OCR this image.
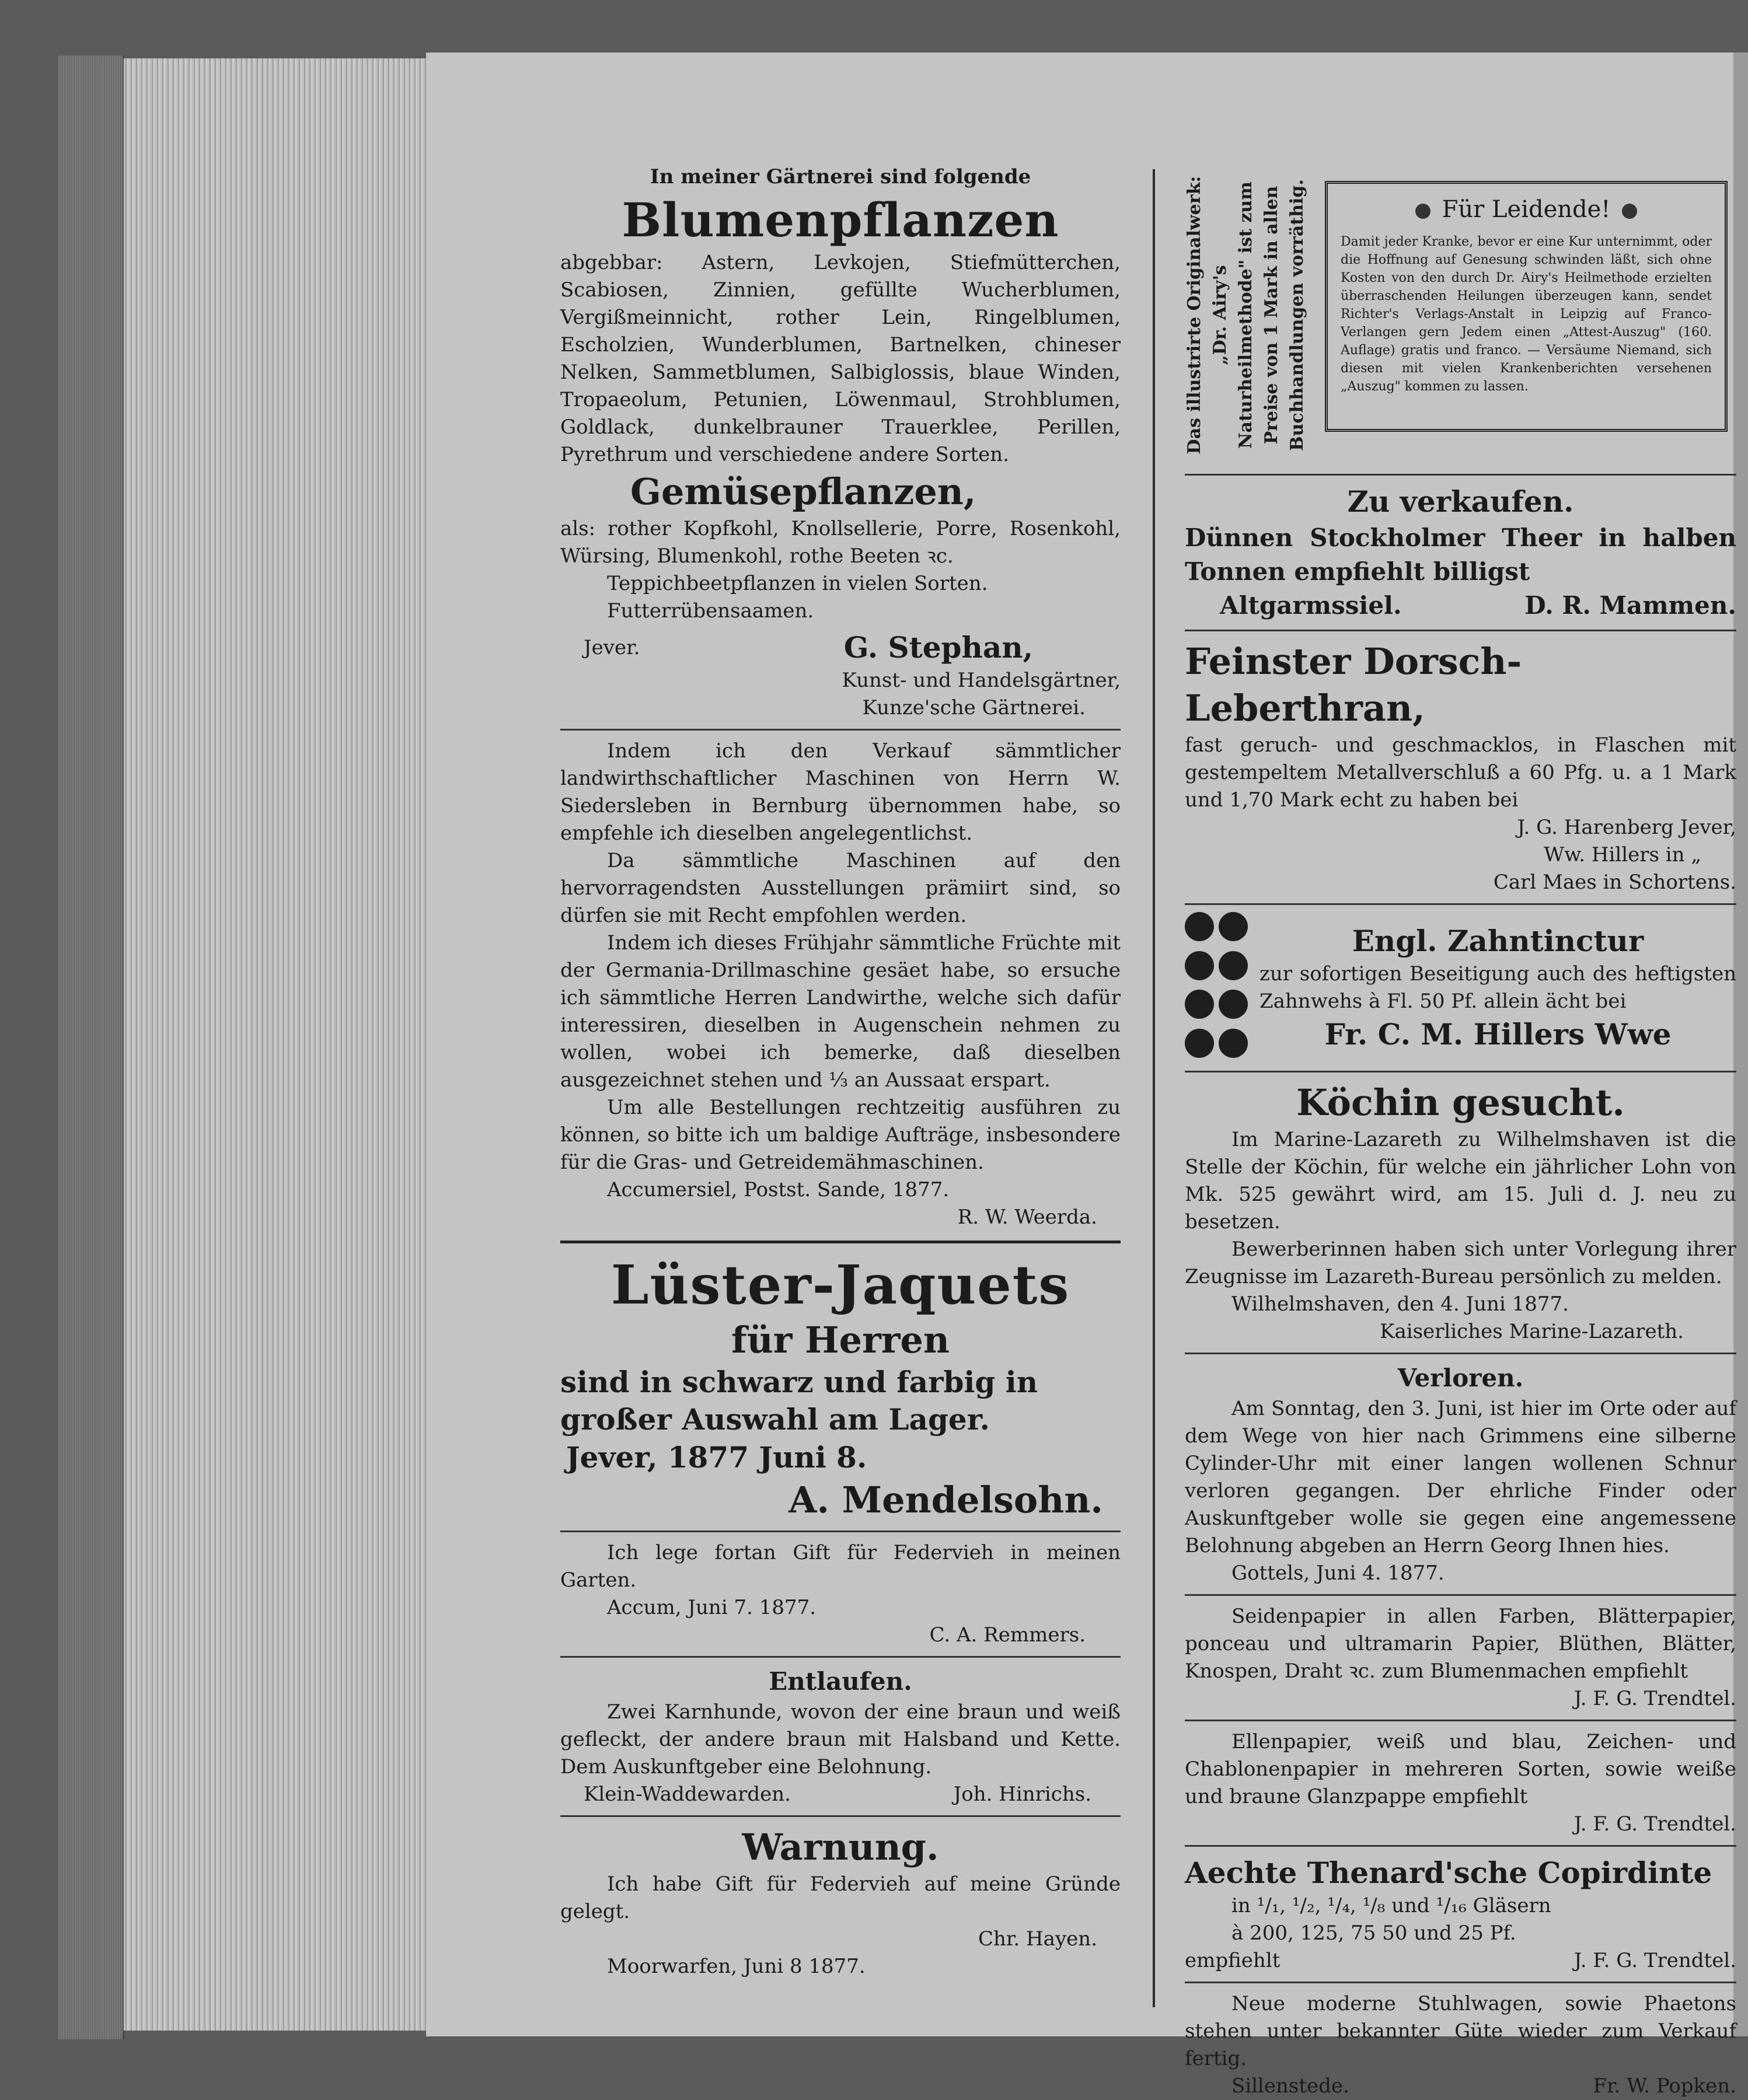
In meiner Gärtnerei sind folgende

Blumenpflanzen

abgebbar: Astern, Levkojen, Stiefmütterchen, Scabiosen, Zinnien, gefüllte Wucherblumen, Vergißmeinnicht, rother Lein, Ringelblumen, Escholzien, Wunderblumen, Bartnelken, chineser Nelken, Sammetblumen, Salbiglossis, blaue Winden, Tropaeolum, Petunien, Löwenmaul, Strohblumen, Goldlack, dunkelbrauner Trauerklee, Perillen, Pyrethrum und verschiedene andere Sorten.

Gemüsepflanzen,

als: rother Kopfkohl, Knollsellerie, Porre, Rosenkohl, Würsing, Blumenkohl, rothe Beeten ꝛc.

Teppichbeetpflanzen in vielen Sorten.

Futterrübensaamen.

Jever.	G. Stephan,

Kunst- und Handelsgärtner,

Kunze'sche Gärtnerei.

Indem ich den Verkauf sämmtlicher landwirthschaftlicher Maschinen von Herrn W. Siedersleben in Bernburg übernommen habe, so empfehle ich dieselben angelegentlichst.

Da sämmtliche Maschinen auf den hervorragendsten Ausstellungen prämiirt sind, so dürfen sie mit Recht empfohlen werden.

Indem ich dieses Frühjahr sämmtliche Früchte mit der Germania-Drillmaschine gesäet habe, so ersuche ich sämmtliche Herren Landwirthe, welche sich dafür interessiren, dieselben in Augenschein nehmen zu wollen, wobei ich bemerke, daß dieselben ausgezeichnet stehen und ⅓ an Aussaat erspart.

Um alle Bestellungen rechtzeitig ausführen zu können, so bitte ich um baldige Aufträge, insbesondere für die Gras- und Getreidemähmaschinen.

Accumersiel, Postst. Sande, 1877.

R. W. Weerda.

Lüster-Jaquets

für Herren

sind in schwarz und farbig in großer Auswahl am Lager.

Jever, 1877 Juni 8.

A. Mendelsohn.

Ich lege fortan Gift für Federvieh in meinen Garten.

Accum, Juni 7. 1877.

C. A. Remmers.

Entlaufen.

Zwei Karnhunde, wovon der eine braun und weiß gefleckt, der andere braun mit Halsband und Kette. Dem Auskunftgeber eine Belohnung.

Klein-Waddewarden.	Joh. Hinrichs.

Warnung.

Ich habe Gift für Federvieh auf meine Gründe gelegt.

Chr. Hayen.

Moorwarfen, Juni 8 1877.

Das illustrirte Originalwerk: „Dr. Airy's Naturheilmethode" ist zum Preise von 1 Mark in allen Buchhandlungen vorräthig.	Für Leidende!

Damit jeder Kranke, bevor er eine Kur unternimmt, oder die Hoffnung auf Genesung schwinden läßt, sich ohne Kosten von den durch Dr. Airy's Heilmethode erzielten überraschenden Heilungen überzeugen kann, sendet Richter's Verlags-Anstalt in Leipzig auf Franco-Verlangen gern Jedem einen „Attest-Auszug" (160. Auflage) gratis und franco. — Versäume Niemand, sich diesen mit vielen Krankenberichten versehenen „Auszug" kommen zu lassen.

Zu verkaufen.

Dünnen Stockholmer Theer in halben Tonnen empfiehlt billigst

Altgarmssiel.	D. R. Mammen.

Feinster Dorsch-Leberthran,

fast geruch- und geschmacklos, in Flaschen mit gestempeltem Metallverschluß a 60 Pfg. u. a 1 Mark und 1,70 Mark echt zu haben bei

J. G. Harenberg Jever,

Ww. Hillers in „

Carl Maes in Schortens.

Engl. Zahntinctur

zur sofortigen Beseitigung auch des heftigsten Zahnwehs à Fl. 50 Pf. allein ächt bei

Fr. C. M. Hillers Wwe

Köchin gesucht.

Im Marine-Lazareth zu Wilhelmshaven ist die Stelle der Köchin, für welche ein jährlicher Lohn von Mk. 525 gewährt wird, am 15. Juli d. J. neu zu besetzen.

Bewerberinnen haben sich unter Vorlegung ihrer Zeugnisse im Lazareth-Bureau persönlich zu melden.

Wilhelmshaven, den 4. Juni 1877.

Kaiserliches Marine-Lazareth.

Verloren.

Am Sonntag, den 3. Juni, ist hier im Orte oder auf dem Wege von hier nach Grimmens eine silberne Cylinder-Uhr mit einer langen wollenen Schnur verloren gegangen. Der ehrliche Finder oder Auskunftgeber wolle sie gegen eine angemessene Belohnung abgeben an Herrn Georg Ihnen hies.

Gottels, Juni 4. 1877.

Seidenpapier in allen Farben, Blätterpapier, ponceau und ultramarin Papier, Blüthen, Blätter, Knospen, Draht ꝛc. zum Blumenmachen empfiehlt

J. F. G. Trendtel.

Ellenpapier, weiß und blau, Zeichen- und Chablonenpapier in mehreren Sorten, sowie weiße und braune Glanzpappe empfiehlt

J. F. G. Trendtel.

Aechte Thenard'sche Copirdinte

in ¹/₁, ¹/₂, ¹/₄, ¹/₈ und ¹/₁₆ Gläsern

à 200, 125, 75 50 und 25 Pf.

empfiehlt	J. F. G. Trendtel.

Neue moderne Stuhlwagen, sowie Phaetons stehen unter bekannter Güte wieder zum Verkauf fertig.

Sillenstede.	Fr. W. Popken.
